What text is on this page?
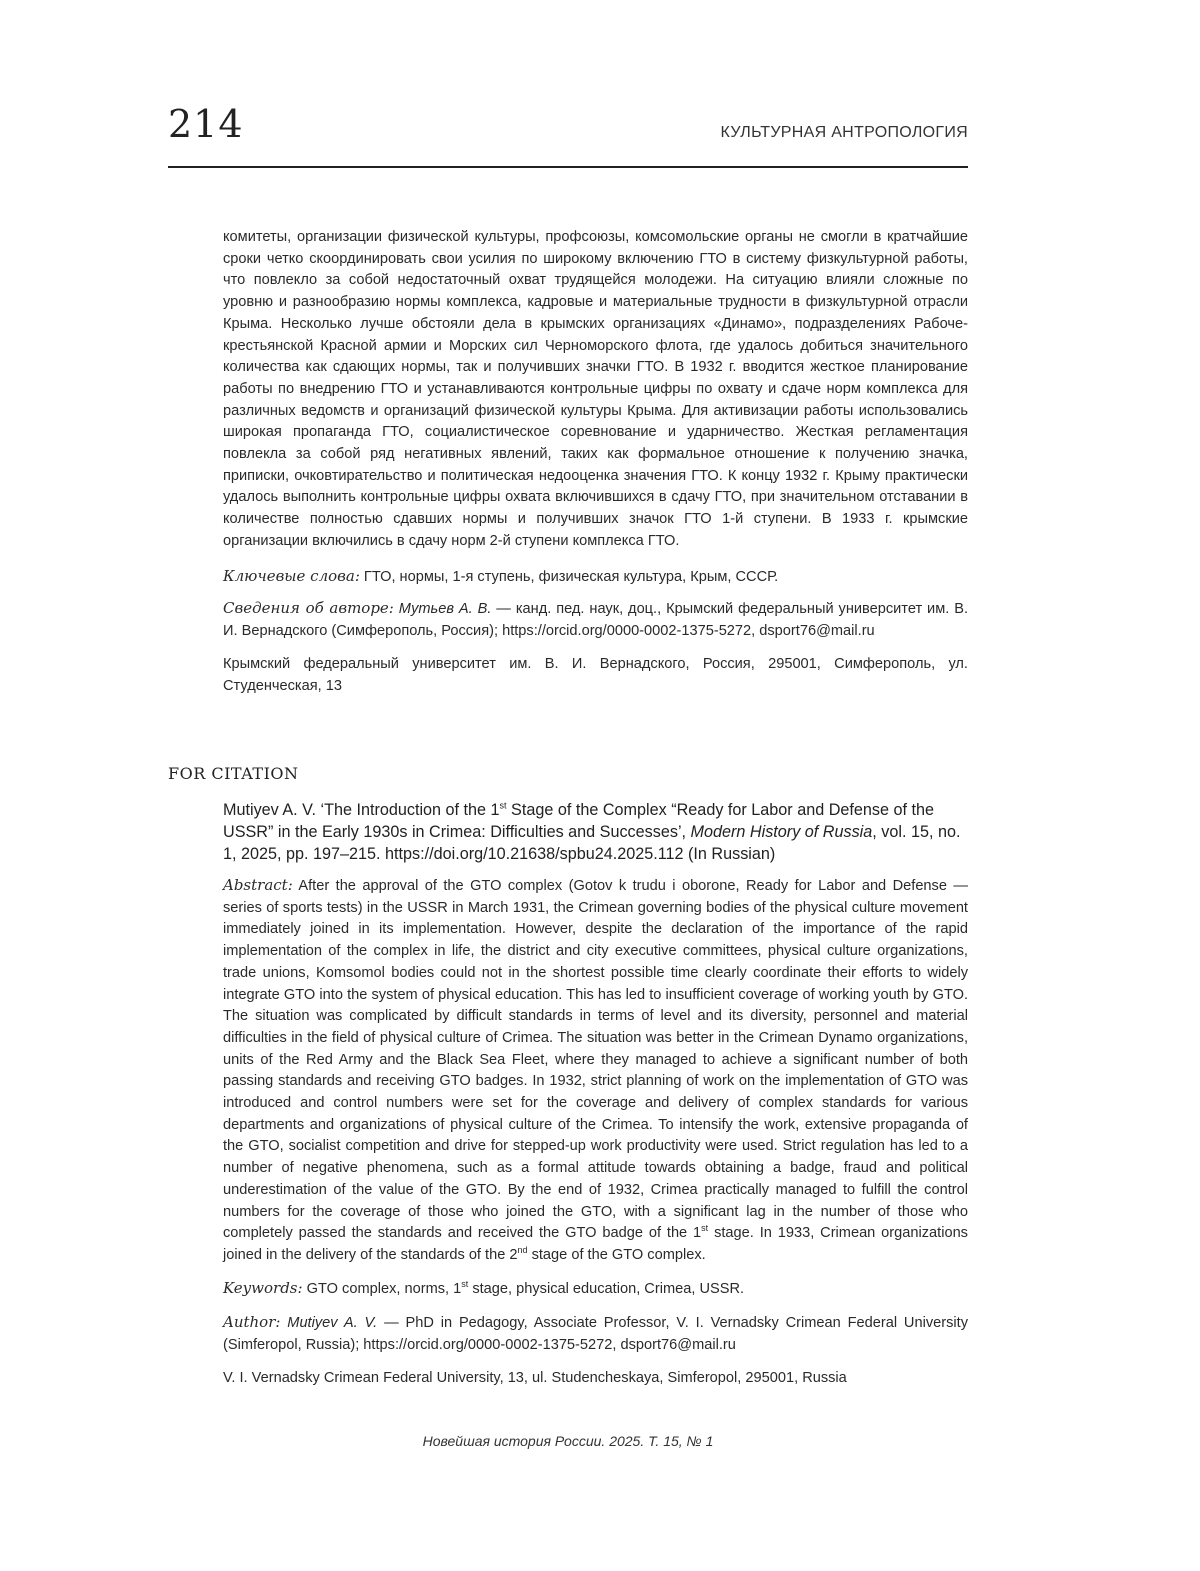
214	КУЛЬТУРНАЯ АНТРОПОЛОГИЯ
комитеты, организации физической культуры, профсоюзы, комсомольские органы не смогли в кратчайшие сроки четко скоординировать свои усилия по широкому включению ГТО в систему физкультурной работы, что повлекло за собой недостаточный охват трудящейся молодежи. На ситуацию влияли сложные по уровню и разнообразию нормы комплекса, кадровые и материальные трудности в физкультурной отрасли Крыма. Несколько лучше обстояли дела в крымских организациях «Динамо», подразделениях Рабоче-крестьянской Красной армии и Морских сил Черноморского флота, где удалось добиться значительного количества как сдающих нормы, так и получивших значки ГТО. В 1932 г. вводится жесткое планирование работы по внедрению ГТО и устанавливаются контрольные цифры по охвату и сдаче норм комплекса для различных ведомств и организаций физической культуры Крыма. Для активизации работы использовались широкая пропаганда ГТО, социалистическое соревнование и ударничество. Жесткая регламентация повлекла за собой ряд негативных явлений, таких как формальное отношение к получению значка, приписки, очковтирательство и политическая недооценка значения ГТО. К концу 1932 г. Крыму практически удалось выполнить контрольные цифры охвата включившихся в сдачу ГТО, при значительном отставании в количестве полностью сдавших нормы и получивших значок ГТО 1-й ступени. В 1933 г. крымские организации включились в сдачу норм 2-й ступени комплекса ГТО.
Ключевые слова: ГТО, нормы, 1-я ступень, физическая культура, Крым, СССР.
Сведения об авторе: Мутьев А. В. — канд. пед. наук, доц., Крымский федеральный университет им. В. И. Вернадского (Симферополь, Россия); https://orcid.org/0000-0002-1375-5272, dsport76@mail.ru
Крымский федеральный университет им. В. И. Вернадского, Россия, 295001, Симферополь, ул. Студенческая, 13
FOR CITATION
Mutiyev A. V. ‘The Introduction of the 1st Stage of the Complex “Ready for Labor and Defense of the USSR” in the Early 1930s in Crimea: Difficulties and Successes’, Modern History of Russia, vol. 15, no. 1, 2025, pp. 197–215. https://doi.org/10.21638/spbu24.2025.112 (In Russian)
Abstract: After the approval of the GTO complex (Gotov k trudu i oborone, Ready for Labor and Defense — series of sports tests) in the USSR in March 1931, the Crimean governing bodies of the physical culture movement immediately joined in its implementation. However, despite the declaration of the importance of the rapid implementation of the complex in life, the district and city executive committees, physical culture organizations, trade unions, Komsomol bodies could not in the shortest possible time clearly coordinate their efforts to widely integrate GTO into the system of physical education. This has led to insufficient coverage of working youth by GTO. The situation was complicated by difficult standards in terms of level and its diversity, personnel and material difficulties in the field of physical culture of Crimea. The situation was better in the Crimean Dynamo organizations, units of the Red Army and the Black Sea Fleet, where they managed to achieve a significant number of both passing standards and receiving GTO badges. In 1932, strict planning of work on the implementation of GTO was introduced and control numbers were set for the coverage and delivery of complex standards for various departments and organizations of physical culture of the Crimea. To intensify the work, extensive propaganda of the GTO, socialist competition and drive for stepped-up work productivity were used. Strict regulation has led to a number of negative phenomena, such as a formal attitude towards obtaining a badge, fraud and political underestimation of the value of the GTO. By the end of 1932, Crimea practically managed to fulfill the control numbers for the coverage of those who joined the GTO, with a significant lag in the number of those who completely passed the standards and received the GTO badge of the 1st stage. In 1933, Crimean organizations joined in the delivery of the standards of the 2nd stage of the GTO complex.
Keywords: GTO complex, norms, 1st stage, physical education, Crimea, USSR.
Author: Mutiyev A. V. — PhD in Pedagogy, Associate Professor, V. I. Vernadsky Crimean Federal University (Simferopol, Russia); https://orcid.org/0000-0002-1375-5272, dsport76@mail.ru
V. I. Vernadsky Crimean Federal University, 13, ul. Studencheskaya, Simferopol, 295001, Russia
Новейшая история России. 2025. Т. 15, № 1
